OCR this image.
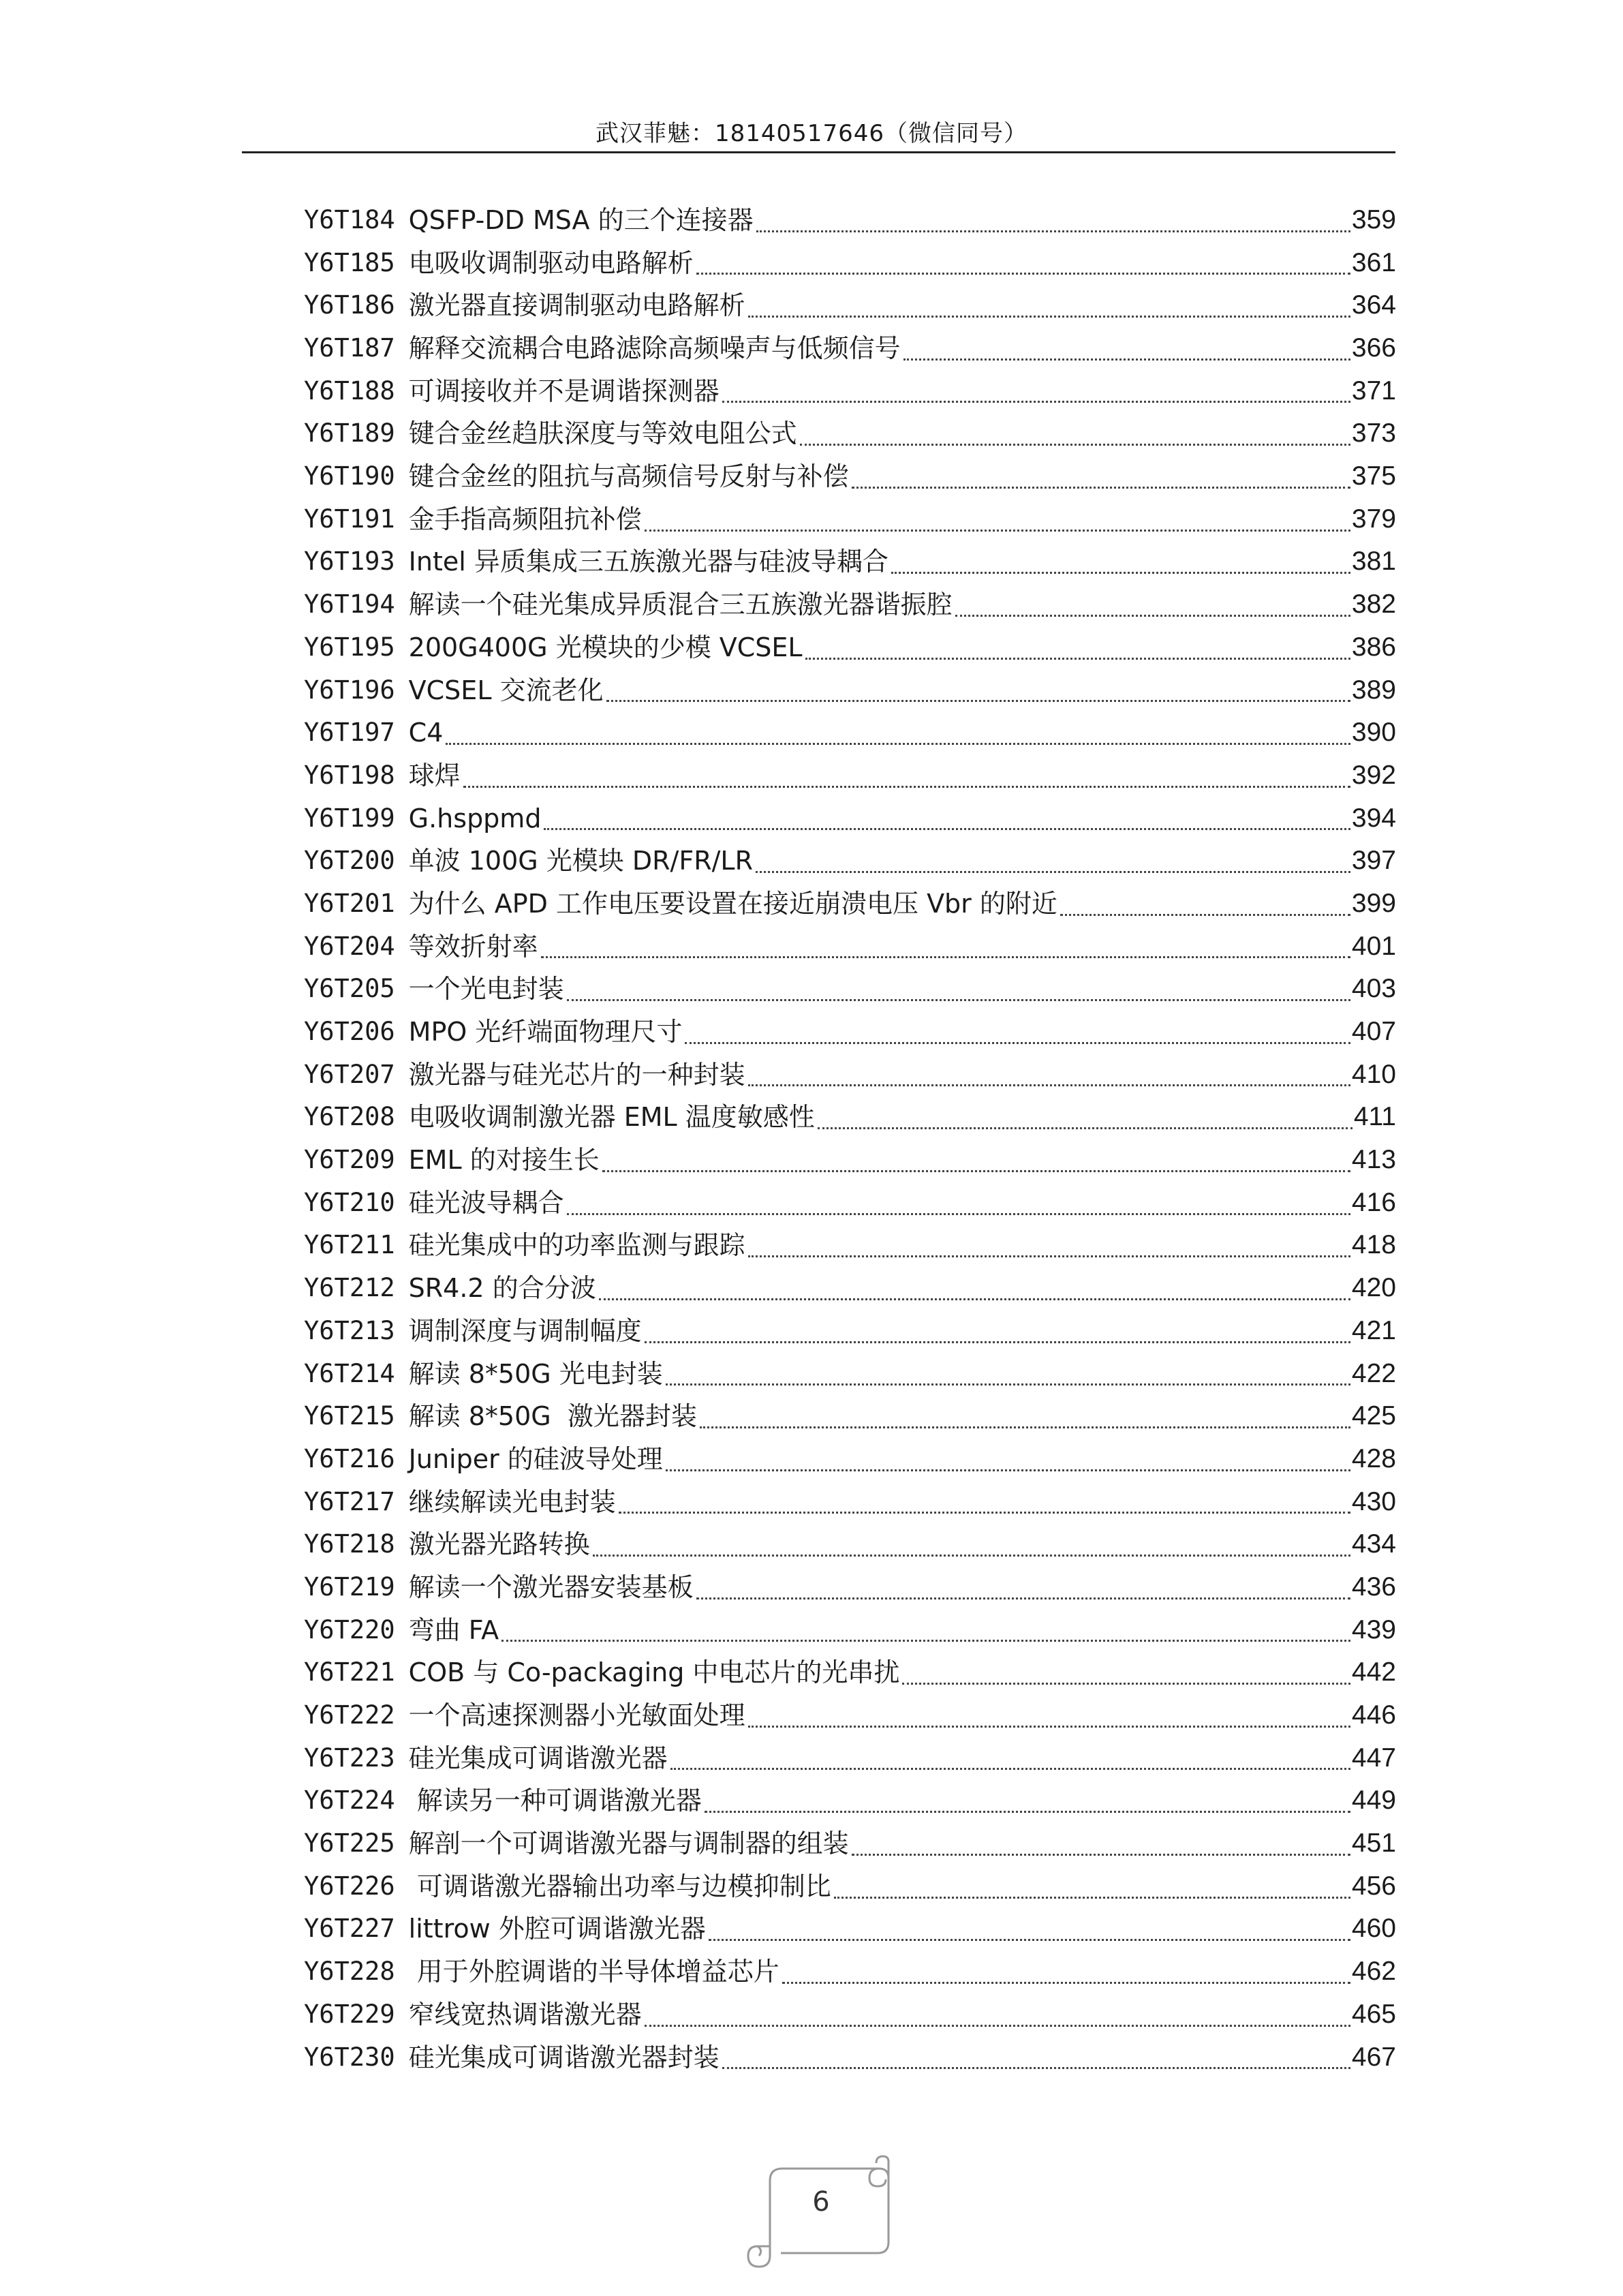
武汉菲魅：18140517646（微信同号）
Y6T184 QSFP-DD MSA 的三个连接器	359
Y6T185 电吸收调制驱动电路解析	361
Y6T186 激光器直接调制驱动电路解析	364
Y6T187 解释交流耦合电路滤除高频噪声与低频信号	366
Y6T188 可调接收并不是调谐探测器	371
Y6T189 键合金丝趋肤深度与等效电阻公式	373
Y6T190 键合金丝的阻抗与高频信号反射与补偿	375
Y6T191 金手指高频阻抗补偿	379
Y6T193 Intel 异质集成三五族激光器与硅波导耦合	381
Y6T194 解读一个硅光集成异质混合三五族激光器谐振腔	382
Y6T195 200G400G 光模块的少模 VCSEL	386
Y6T196 VCSEL 交流老化	389
Y6T197 C4	390
Y6T198 球焊	392
Y6T199 G.hsppmd	394
Y6T200 单波 100G 光模块 DR/FR/LR	397
Y6T201 为什么 APD 工作电压要设置在接近崩溃电压 Vbr 的附近	399
Y6T204 等效折射率	401
Y6T205 一个光电封装	403
Y6T206 MPO 光纤端面物理尺寸	407
Y6T207 激光器与硅光芯片的一种封装	410
Y6T208 电吸收调制激光器 EML 温度敏感性	411
Y6T209 EML 的对接生长	413
Y6T210 硅光波导耦合	416
Y6T211 硅光集成中的功率监测与跟踪	418
Y6T212 SR4.2 的合分波	420
Y6T213 调制深度与调制幅度	421
Y6T214 解读 8*50G 光电封装	422
Y6T215 解读 8*50G  激光器封装	425
Y6T216 Juniper 的硅波导处理	428
Y6T217 继续解读光电封装	430
Y6T218 激光器光路转换	434
Y6T219 解读一个激光器安装基板	436
Y6T220 弯曲 FA	439
Y6T221 COB 与 Co-packaging 中电芯片的光串扰	442
Y6T222 一个高速探测器小光敏面处理	446
Y6T223 硅光集成可调谐激光器	447
Y6T224 解读另一种可调谐激光器	449
Y6T225 解剖一个可调谐激光器与调制器的组装	451
Y6T226 可调谐激光器输出功率与边模抑制比	456
Y6T227 littrow 外腔可调谐激光器	460
Y6T228 用于外腔调谐的半导体增益芯片	462
Y6T229 窄线宽热调谐激光器	465
Y6T230 硅光集成可调谐激光器封装	467
6
